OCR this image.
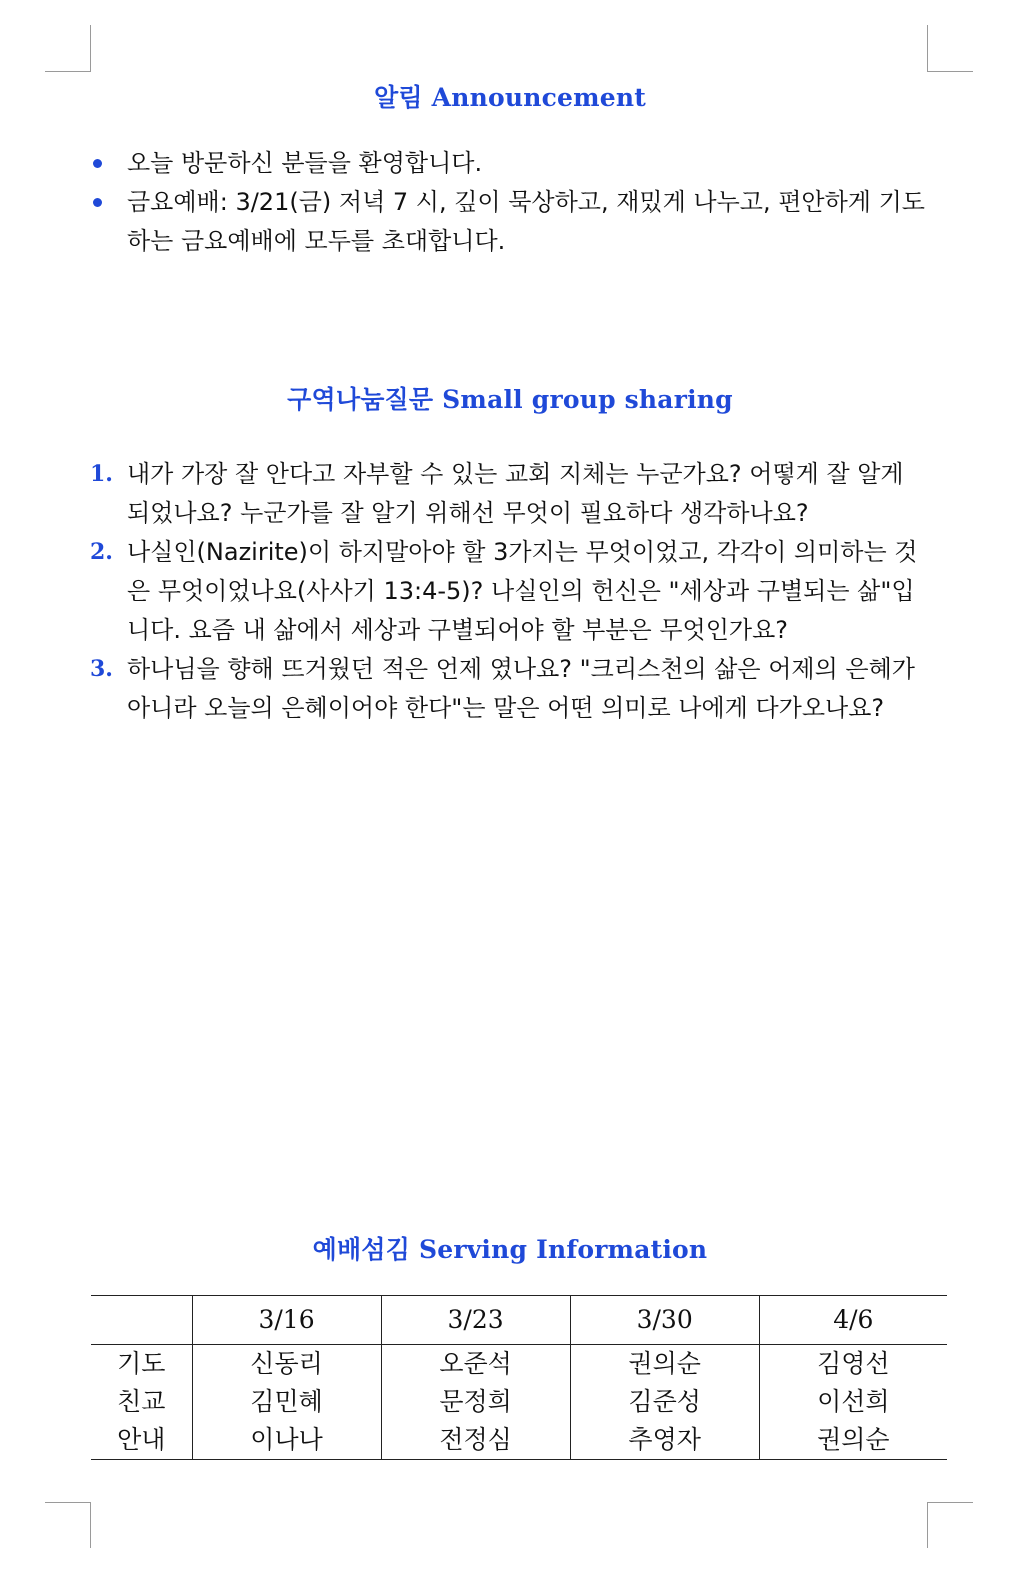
알림 Announcement
오늘 방문하신 분들을 환영합니다.
금요예배: 3/21(금) 저녁 7 시, 깊이 묵상하고, 재밌게 나누고, 편안하게 기도하는 금요예배에 모두를 초대합니다.
구역나눔질문 Small group sharing
1. 내가 가장 잘 안다고 자부할 수 있는 교회 지체는 누군가요? 어떻게 잘 알게 되었나요? 누군가를 잘 알기 위해선 무엇이 필요하다 생각하나요?
2. 나실인(Nazirite)이 하지말아야 할 3가지는 무엇이었고, 각각이 의미하는 것은 무엇이었나요(사사기 13:4-5)? 나실인의 헌신은 "세상과 구별되는 삶"입니다. 요즘 내 삶에서 세상과 구별되어야 할 부분은 무엇인가요?
3. 하나님을 향해 뜨거웠던 적은 언제 였나요? "크리스천의 삶은 어제의 은혜가 아니라 오늘의 은혜이어야 한다"는 말은 어떤 의미로 나에게 다가오나요?
예배섬김 Serving Information
	3/16	3/23	3/30	4/6
기도	신동리	오준석	권의순	김영선
친교	김민혜	문정희	김준성	이선희
안내	이나나	전정심	추영자	권의순
